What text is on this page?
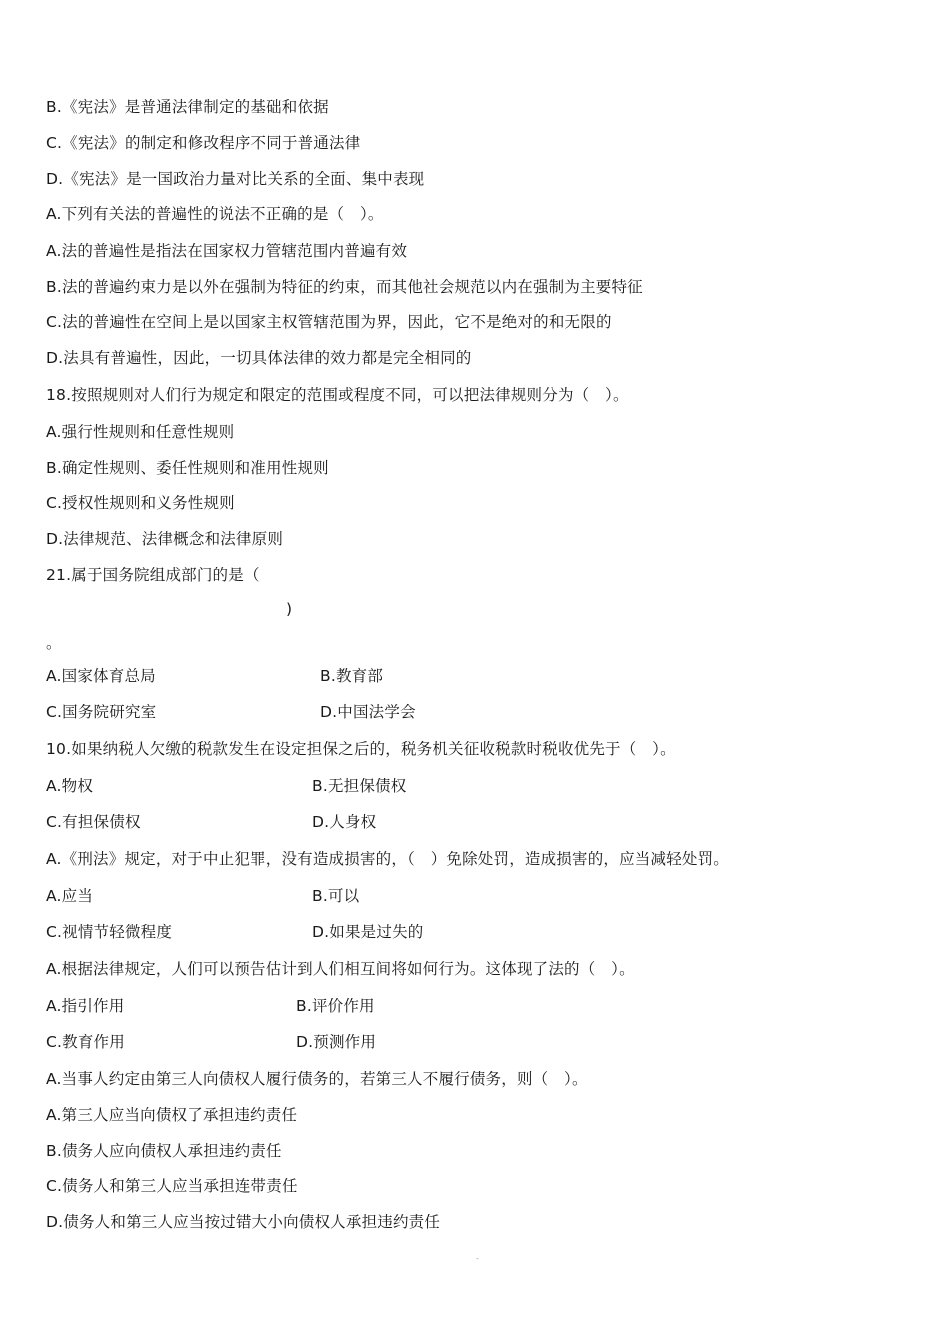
B.《宪法》是普通法律制定的基础和依据
C.《宪法》的制定和修改程序不同于普通法律
D.《宪法》是一国政治力量对比关系的全面、集中表现
A.下列有关法的普遍性的说法不正确的是（　）。
A.法的普遍性是指法在国家权力管辖范围内普遍有效
B.法的普遍约束力是以外在强制为特征的约束，而其他社会规范以内在强制为主要特征
C.法的普遍性在空间上是以国家主权管辖范围为界，因此，它不是绝对的和无限的
D.法具有普遍性，因此，一切具体法律的效力都是完全相同的
18.按照规则对人们行为规定和限定的范围或程度不同，可以把法律规则分为（　）。
A.强行性规则和任意性规则
B.确定性规则、委任性规则和准用性规则
C.授权性规则和义务性规则
D.法律规范、法律概念和法律原则
21.属于国务院组成部门的是（
)
。
A.国家体育总局	B.教育部
C.国务院研究室	D.中国法学会
10.如果纳税人欠缴的税款发生在设定担保之后的，税务机关征收税款时税收优先于（　）。
A.物权	B.无担保债权
C.有担保债权	D.人身权
A.《刑法》规定，对于中止犯罪，没有造成损害的，（　）免除处罚，造成损害的，应当减轻处罚。
A.应当	B.可以
C.视情节轻微程度	D.如果是过失的
A.根据法律规定，人们可以预告估计到人们相互间将如何行为。这体现了法的（　）。
A.指引作用	B.评价作用
C.教育作用	D.预测作用
A.当事人约定由第三人向债权人履行债务的，若第三人不履行债务，则（　）。
A.第三人应当向债权了承担违约责任
B.债务人应向债权人承担违约责任
C.债务人和第三人应当承担连带责任
D.债务人和第三人应当按过错大小向债权人承担违约责任
-
